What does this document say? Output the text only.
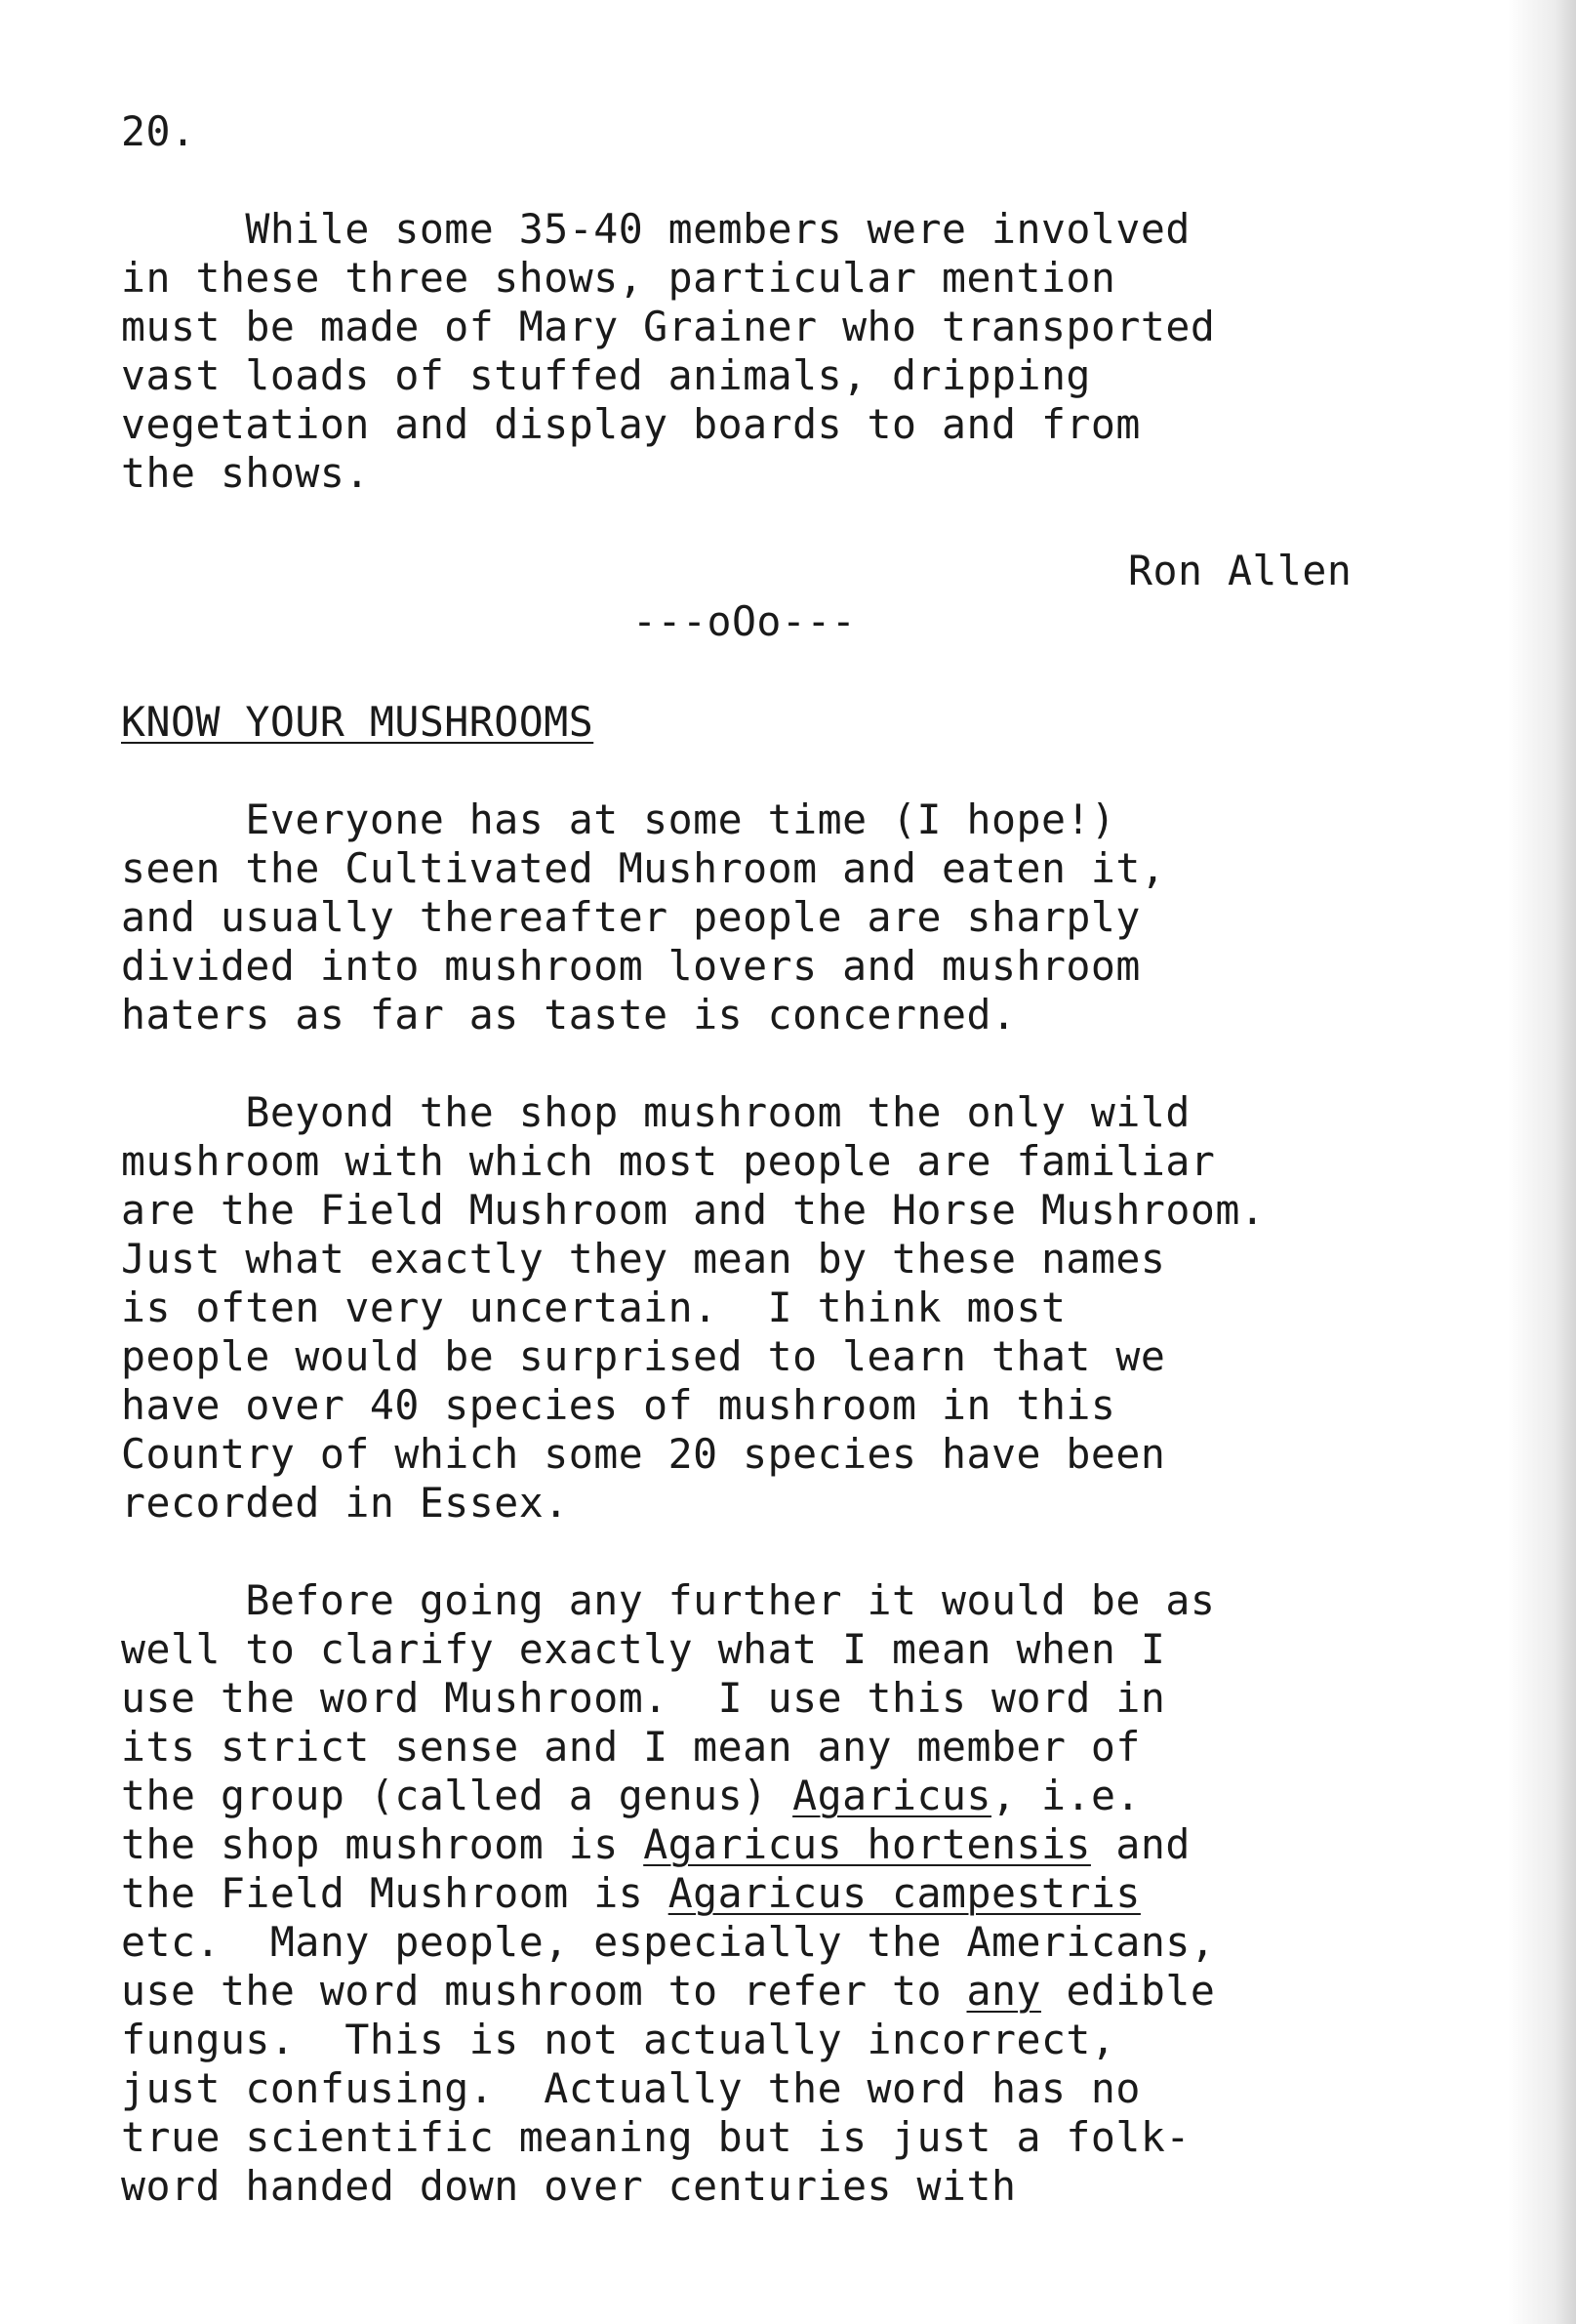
20.
While some 35-40 members were involved
in these three shows, particular mention
must be made of Mary Grainer who transported
vast loads of stuffed animals, dripping
vegetation and display boards to and from
the shows.
Ron Allen
---oOo---
KNOW YOUR MUSHROOMS
Everyone has at some time (I hope!)
seen the Cultivated Mushroom and eaten it,
and usually thereafter people are sharply
divided into mushroom lovers and mushroom
haters as far as taste is concerned.
Beyond the shop mushroom the only wild
mushroom with which most people are familiar
are the Field Mushroom and the Horse Mushroom.
Just what exactly they mean by these names
is often very uncertain.  I think most
people would be surprised to learn that we
have over 40 species of mushroom in this
Country of which some 20 species have been
recorded in Essex.
Before going any further it would be as
well to clarify exactly what I mean when I
use the word Mushroom.  I use this word in
its strict sense and I mean any member of
the group (called a genus) Agaricus, i.e.
the shop mushroom is Agaricus hortensis and
the Field Mushroom is Agaricus campestris
etc.  Many people, especially the Americans,
use the word mushroom to refer to any edible
fungus.  This is not actually incorrect,
just confusing.  Actually the word has no
true scientific meaning but is just a folk-
word handed down over centuries with
